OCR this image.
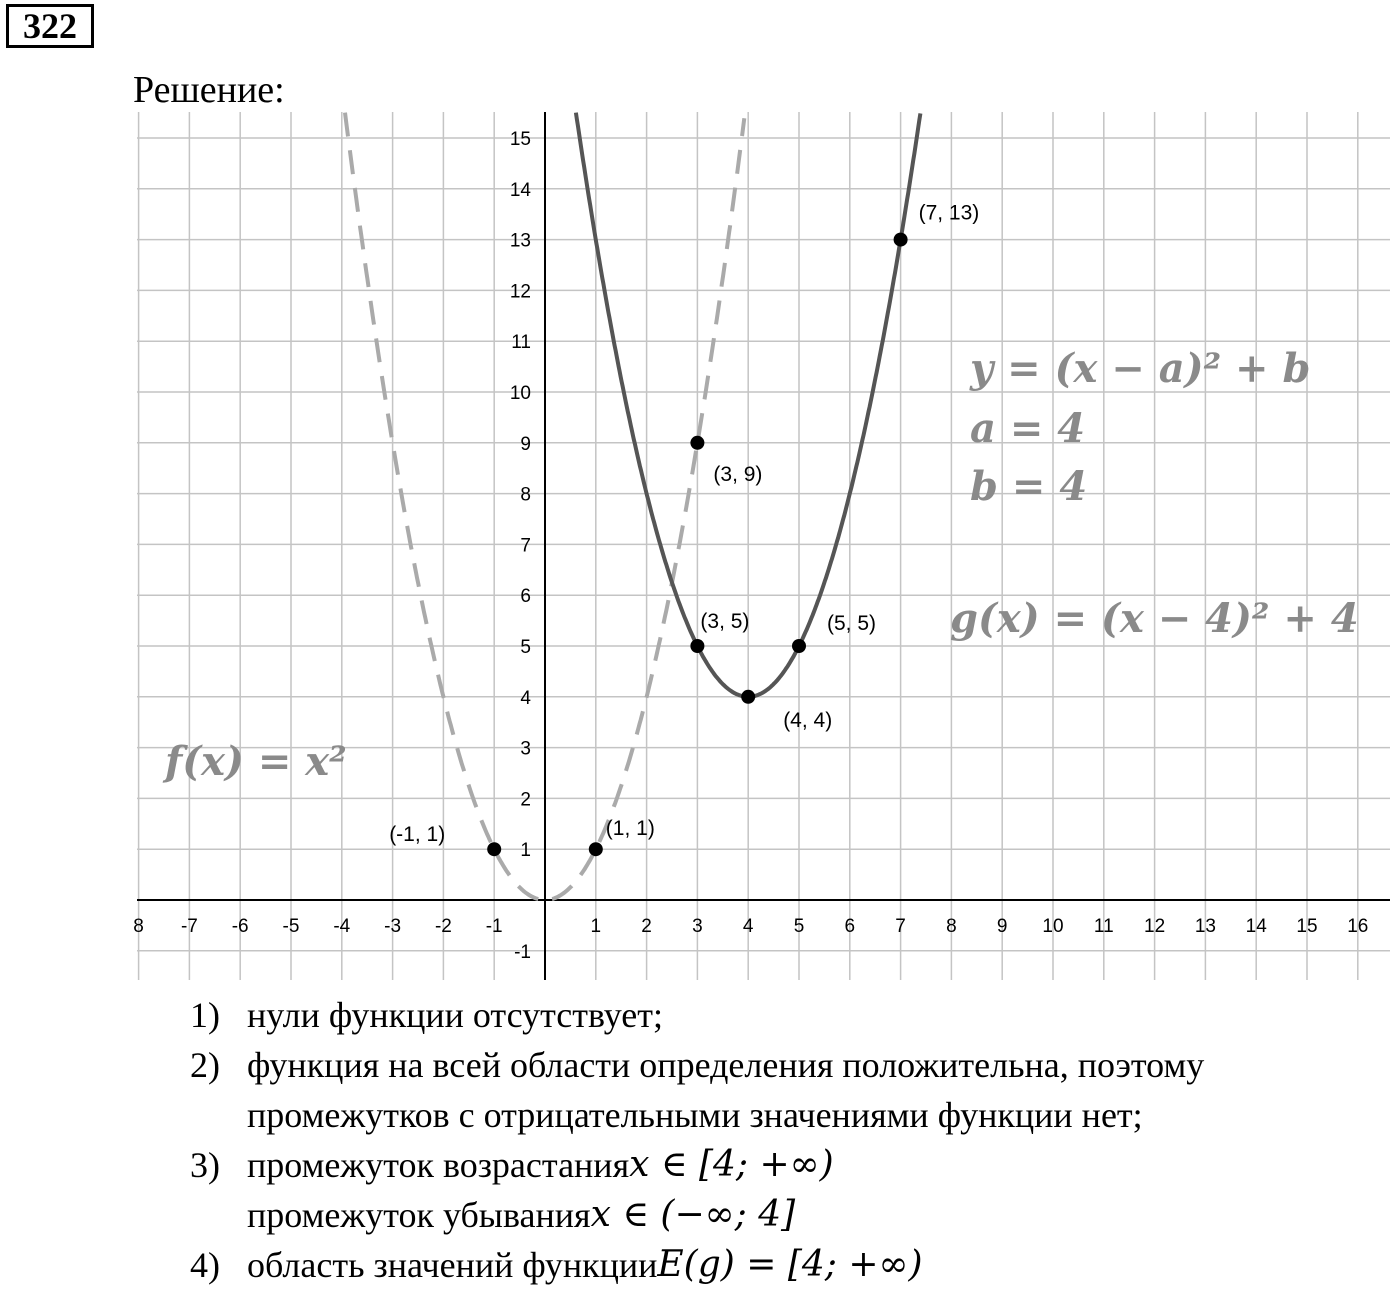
322
Решение:
8 -7 -6 -5 -4 -3 -2 -1	1 2 3 4 5 6 7 8 9 10 11 12 13 14 15 16
-1
1
2
3
4
5
6
7
8
9
10
11
12
13
14
15
(-1, 1)	(1, 1)
(3, 9)
(3, 5)	(5, 5)
(4, 4)
(7, 13)
f(x) = x²
y = (x − a)² + b
a = 4
b = 4
g(x) = (x − 4)² + 4
1) нули функции отсутствует;
2) функция на всей области определения положительна, поэтому
промежутков с отрицательными значениями функции нет;
3) промежуток возрастания x ∈ [4; +∞)
промежуток убывания x ∈ (−∞; 4]
4) область значений функции E(g) = [4; +∞)
